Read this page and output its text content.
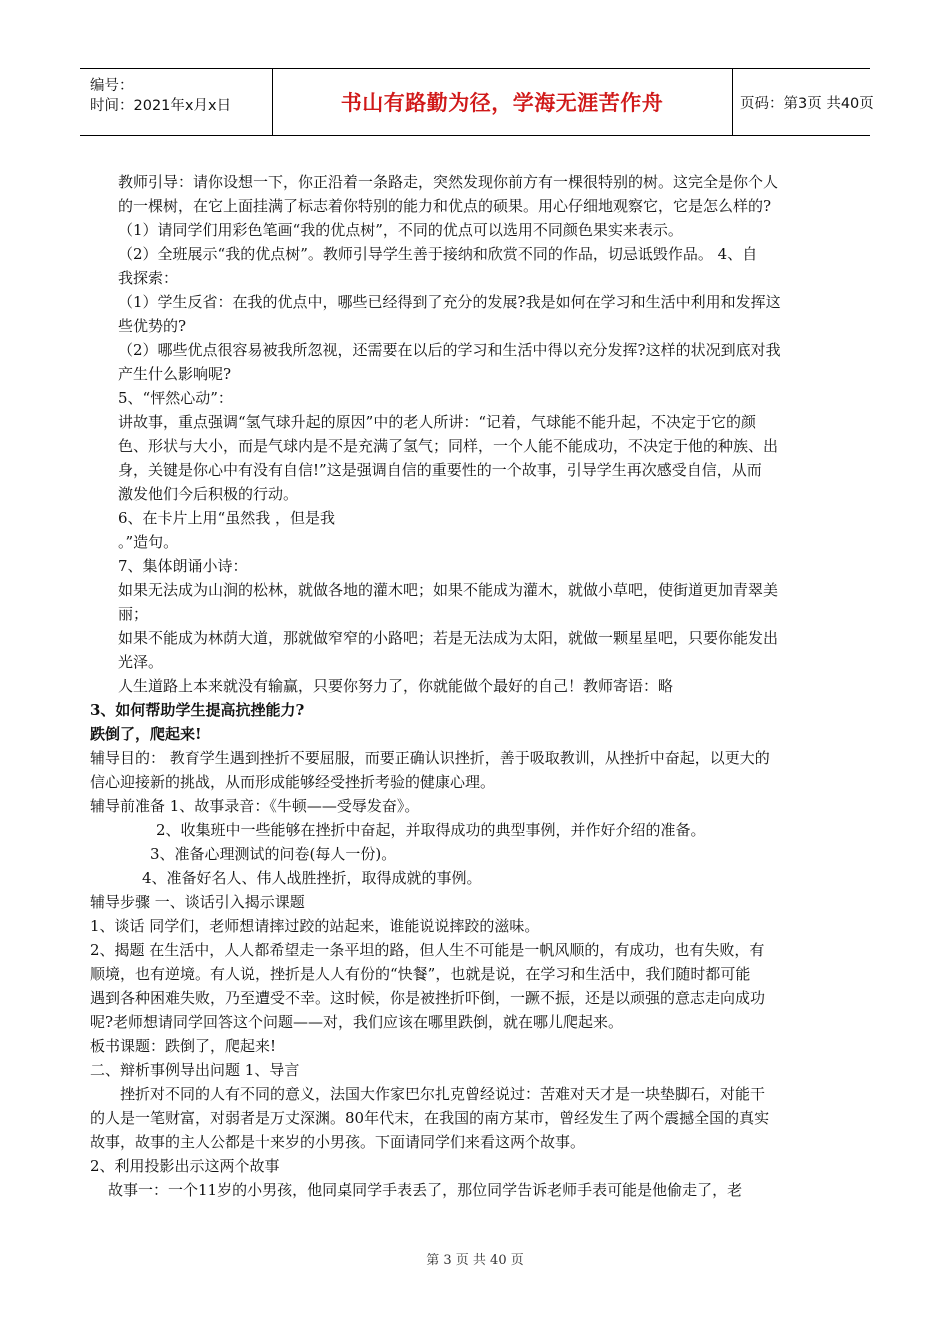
编号：
时间：2021年x月x日	书山有路勤为径，学海无涯苦作舟	页码：第3页 共40页

教师引导：请你设想一下，你正沿着一条路走，突然发现你前方有一棵很特别的树。这完全是你个人

的一棵树，在它上面挂满了标志着你特别的能力和优点的硕果。用心仔细地观察它，它是怎么样的?

（1）请同学们用彩色笔画“我的优点树”，不同的优点可以选用不同颜色果实来表示。

（2）全班展示“我的优点树”。教师引导学生善于接纳和欣赏不同的作品，切忌诋毁作品。 4、自

我探索：

（1）学生反省：在我的优点中，哪些已经得到了充分的发展?我是如何在学习和生活中利用和发挥这

些优势的?

（2）哪些优点很容易被我所忽视，还需要在以后的学习和生活中得以充分发挥?这样的状况到底对我

产生什么影响呢?

5、“怦然心动”：

讲故事，重点强调“氢气球升起的原因”中的老人所讲：“记着，气球能不能升起，不决定于它的颜

色、形状与大小，而是气球内是不是充满了氢气；同样，一个人能不能成功，不决定于他的种族、出

身，关键是你心中有没有自信!”这是强调自信的重要性的一个故事，引导学生再次感受自信，从而

激发他们今后积极的行动。

6、在卡片上用“虽然我 ，但是我

。”造句。

7、集体朗诵小诗：

如果无法成为山涧的松林，就做各地的灌木吧；如果不能成为灌木，就做小草吧，使街道更加青翠美

丽；

如果不能成为林荫大道，那就做窄窄的小路吧；若是无法成为太阳，就做一颗星星吧，只要你能发出

光泽。

人生道路上本来就没有输赢，只要你努力了，你就能做个最好的自己！教师寄语：略

3、如何帮助学生提高抗挫能力?

跌倒了，爬起来!

辅导目的： 教育学生遇到挫折不要屈服，而要正确认识挫折，善于吸取教训，从挫折中奋起，以更大的

信心迎接新的挑战，从而形成能够经受挫折考验的健康心理。

辅导前准备 1、故事录音：《牛顿——受辱发奋》。

2、收集班中一些能够在挫折中奋起，并取得成功的典型事例，并作好介绍的准备。

3、准备心理测试的问卷(每人一份)。

4、准备好名人、伟人战胜挫折，取得成就的事例。

辅导步骤 一、谈话引入揭示课题

1、谈话 同学们，老师想请摔过跤的站起来，谁能说说摔跤的滋味。

2、揭题 在生活中，人人都希望走一条平坦的路，但人生不可能是一帆风顺的，有成功，也有失败，有

顺境，也有逆境。有人说，挫折是人人有份的“快餐”，也就是说，在学习和生活中，我们随时都可能

遇到各种困难失败，乃至遭受不幸。这时候，你是被挫折吓倒，一蹶不振，还是以顽强的意志走向成功

呢?老师想请同学回答这个问题——对，我们应该在哪里跌倒，就在哪儿爬起来。

板书课题：跌倒了，爬起来!

二、辩析事例导出问题 1、导言

挫折对不同的人有不同的意义，法国大作家巴尔扎克曾经说过：苦难对天才是一块垫脚石，对能干

的人是一笔财富，对弱者是万丈深渊。80年代末，在我国的南方某市，曾经发生了两个震撼全国的真实

故事，故事的主人公都是十来岁的小男孩。下面请同学们来看这两个故事。

2、利用投影出示这两个故事

故事一：一个11岁的小男孩，他同桌同学手表丢了，那位同学告诉老师手表可能是他偷走了，老

第 3 页 共 40 页
